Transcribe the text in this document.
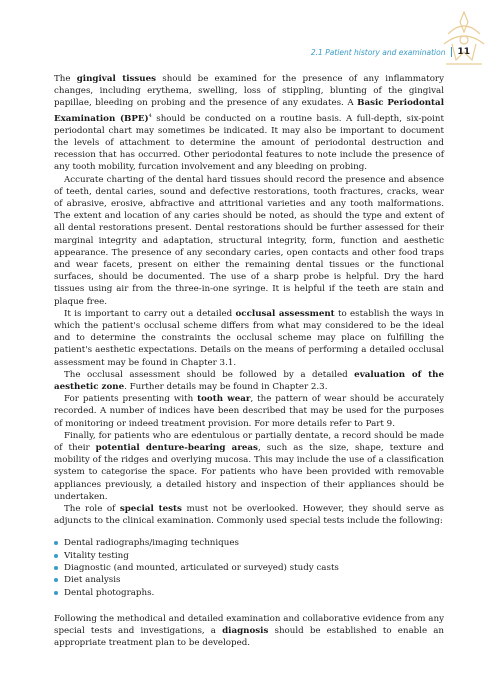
2.1 Patient history and examination	11

The gingival tissues should be examined for the presence of any inflammatory changes, including erythema, swelling, loss of stippling, blunting of the gingival papillae, bleeding on probing and the presence of any exudates. A Basic Periodontal Examination (BPE)$^4$ should be conducted on a routine basis. A full-depth, six-point periodontal chart may sometimes be indicated. It may also be important to document the levels of attachment to determine the amount of periodontal destruction and recession that has occurred. Other periodontal features to note include the presence of any tooth mobility, furcation involvement and any bleeding on probing.

Accurate charting of the dental hard tissues should record the presence and absence of teeth, dental caries, sound and defective restorations, tooth fractures, cracks, wear of abrasive, erosive, abfractive and attritional varieties and any tooth malformations. The extent and location of any caries should be noted, as should the type and extent of all dental restorations present. Dental restorations should be further assessed for their marginal integrity and adaptation, structural integrity, form, function and aesthetic appearance. The presence of any secondary caries, open contacts and other food traps and wear facets, present on either the remaining dental tissues or the functional surfaces, should be documented. The use of a sharp probe is helpful. Dry the hard tissues using air from the three-in-one syringe. It is helpful if the teeth are stain and plaque free.

It is important to carry out a detailed occlusal assessment to establish the ways in which the patient's occlusal scheme differs from what may considered to be the ideal and to determine the constraints the occlusal scheme may place on fulfilling the patient's aesthetic expectations. Details on the means of performing a detailed occlusal assessment may be found in Chapter 3.1.

The occlusal assessment should be followed by a detailed evaluation of the aesthetic zone. Further details may be found in Chapter 2.3.

For patients presenting with tooth wear, the pattern of wear should be accurately recorded. A number of indices have been described that may be used for the purposes of monitoring or indeed treatment provision. For more details refer to Part 9.

Finally, for patients who are edentulous or partially dentate, a record should be made of their potential denture-bearing areas, such as the size, shape, texture and mobility of the ridges and overlying mucosa. This may include the use of a classification system to categorise the space. For patients who have been provided with removable appliances previously, a detailed history and inspection of their appliances should be undertaken.

The role of special tests must not be overlooked. However, they should serve as adjuncts to the clinical examination. Commonly used special tests include the following:

Dental radiographs/imaging techniques
Vitality testing
Diagnostic (and mounted, articulated or surveyed) study casts
Diet analysis
Dental photographs.

Following the methodical and detailed examination and collaborative evidence from any special tests and investigations, a diagnosis should be established to enable an appropriate treatment plan to be developed.
